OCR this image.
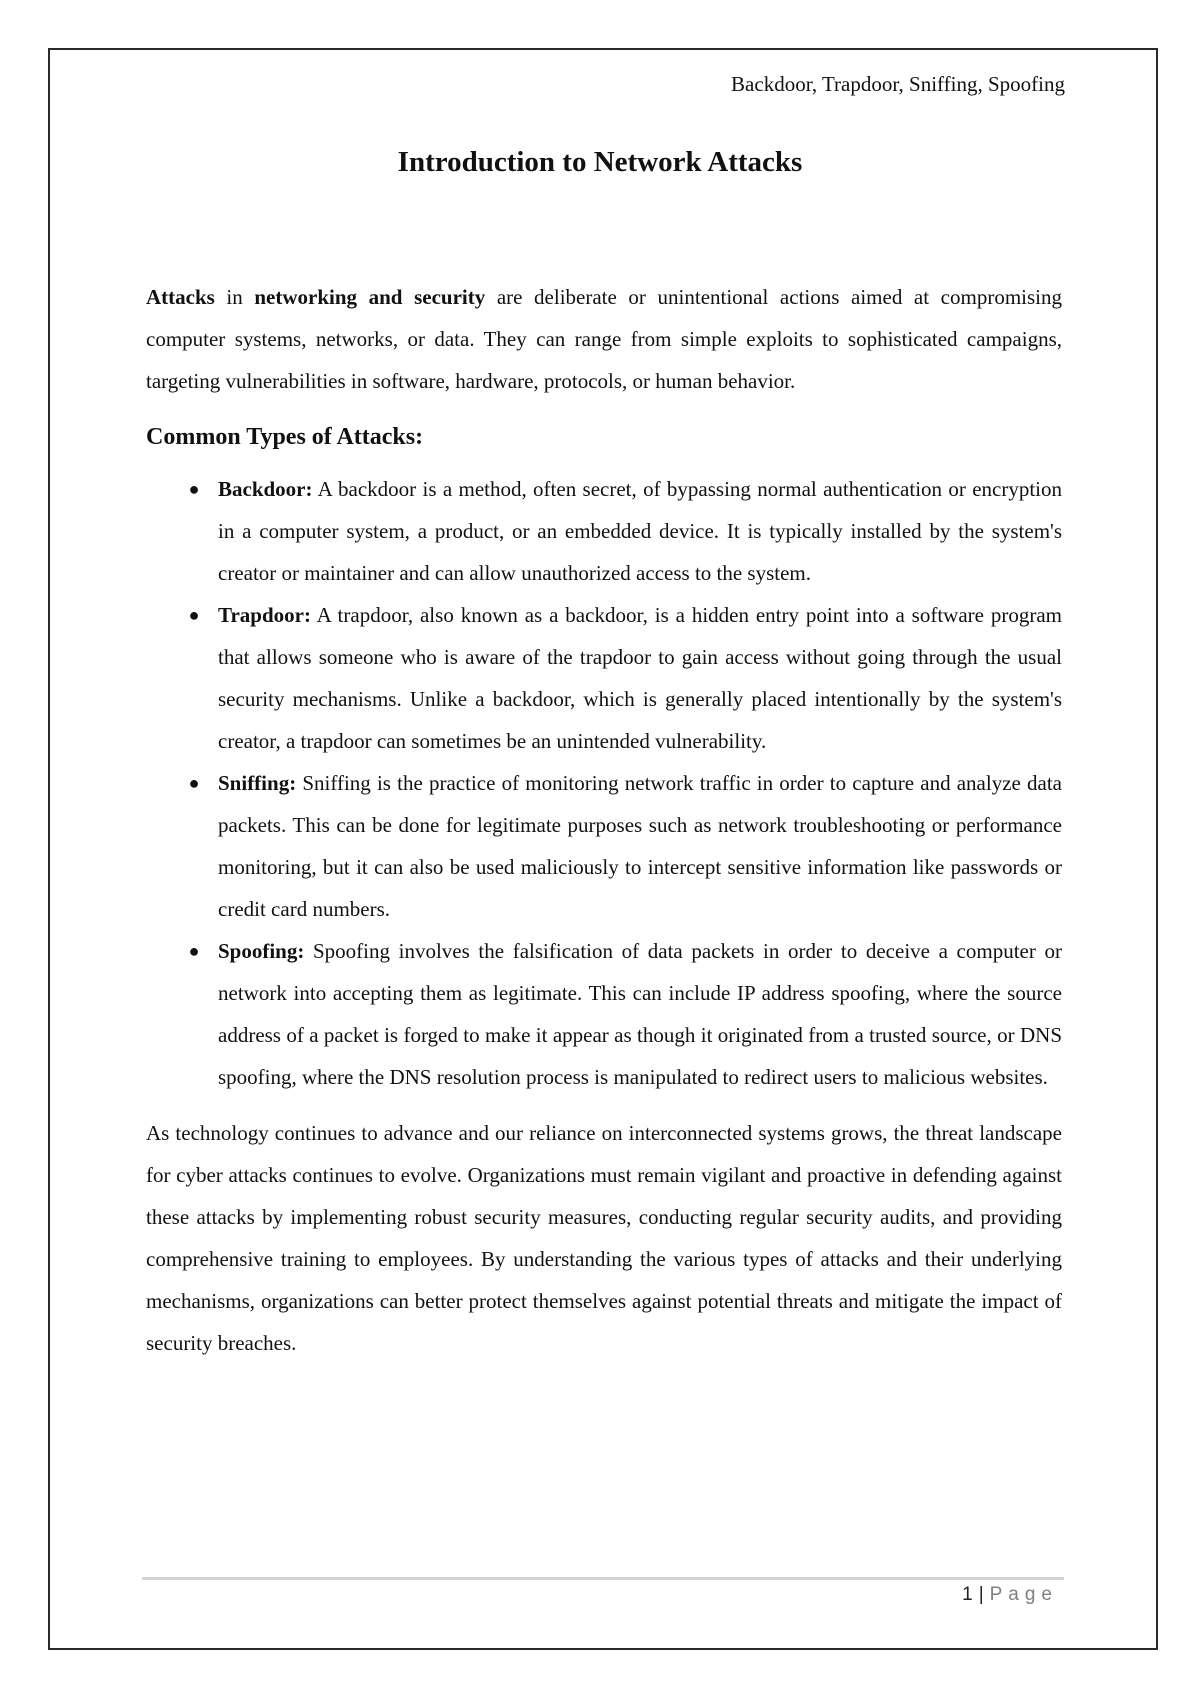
Backdoor, Trapdoor, Sniffing, Spoofing
Introduction to Network Attacks

Attacks in networking and security are deliberate or unintentional actions aimed at compromising computer systems, networks, or data. They can range from simple exploits to sophisticated campaigns, targeting vulnerabilities in software, hardware, protocols, or human behavior.

Common Types of Attacks:
● Backdoor: A backdoor is a method, often secret, of bypassing normal authentication or encryption in a computer system, a product, or an embedded device. It is typically installed by the system's creator or maintainer and can allow unauthorized access to the system.
● Trapdoor: A trapdoor, also known as a backdoor, is a hidden entry point into a software program that allows someone who is aware of the trapdoor to gain access without going through the usual security mechanisms. Unlike a backdoor, which is generally placed intentionally by the system's creator, a trapdoor can sometimes be an unintended vulnerability.
● Sniffing: Sniffing is the practice of monitoring network traffic in order to capture and analyze data packets. This can be done for legitimate purposes such as network troubleshooting or performance monitoring, but it can also be used maliciously to intercept sensitive information like passwords or credit card numbers.
● Spoofing: Spoofing involves the falsification of data packets in order to deceive a computer or network into accepting them as legitimate. This can include IP address spoofing, where the source address of a packet is forged to make it appear as though it originated from a trusted source, or DNS spoofing, where the DNS resolution process is manipulated to redirect users to malicious websites.

As technology continues to advance and our reliance on interconnected systems grows, the threat landscape for cyber attacks continues to evolve. Organizations must remain vigilant and proactive in defending against these attacks by implementing robust security measures, conducting regular security audits, and providing comprehensive training to employees. By understanding the various types of attacks and their underlying mechanisms, organizations can better protect themselves against potential threats and mitigate the impact of security breaches.

1 | Page
